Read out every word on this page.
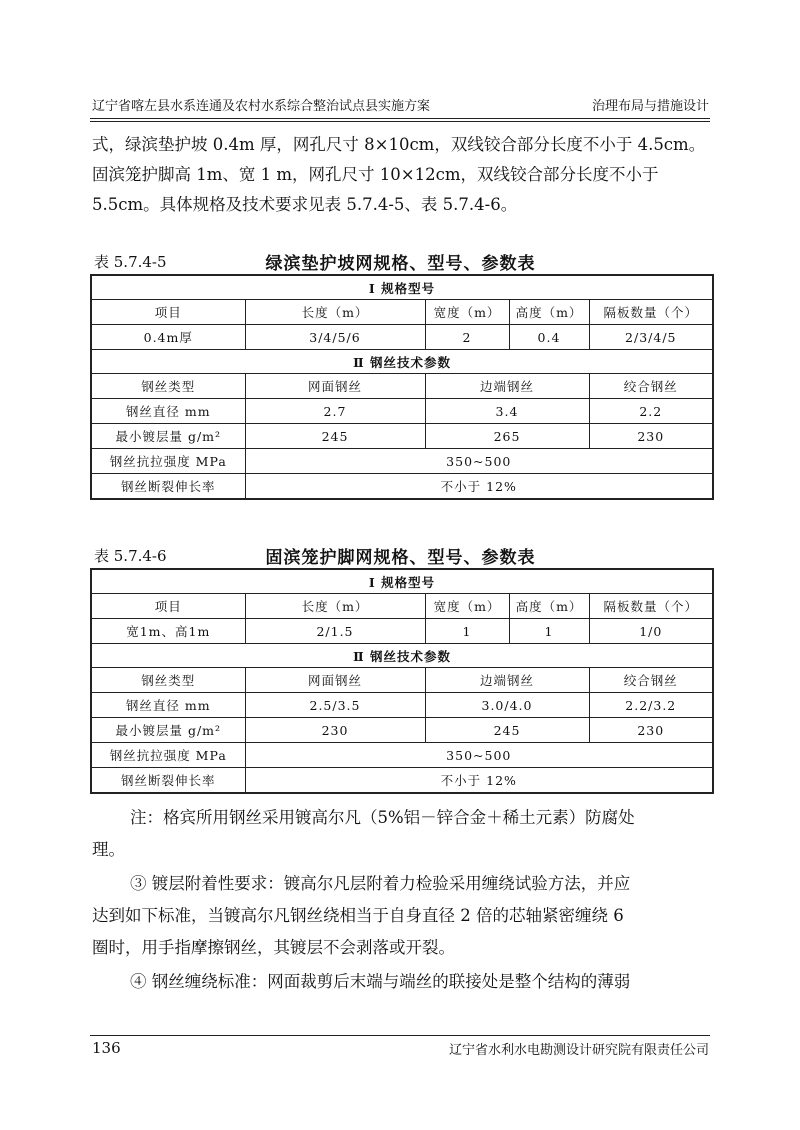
辽宁省喀左县水系连通及农村水系综合整治试点县实施方案	治理布局与措施设计
式，绿滨垫护坡 0.4m 厚，网孔尺寸 8×10cm，双线铰合部分长度不小于 4.5cm。
固滨笼护脚高 1m、宽 1 m，网孔尺寸 10×12cm，双线铰合部分长度不小于
5.5cm。具体规格及技术要求见表 5.7.4-5、表 5.7.4-6。
表 5.7.4-5	绿滨垫护坡网规格、型号、参数表
Ⅰ 规格型号				
项目	长度（m）	宽度（m）	高度（m）	隔板数量（个）
0.4m厚	3/4/5/6	2	0.4	2/3/4/5
Ⅱ 钢丝技术参数				
钢丝类型	网面钢丝	边端钢丝		绞合钢丝
钢丝直径 mm	2.7	3.4		2.2
最小镀层量 g/m²	245	265		230
钢丝抗拉强度 MPa	350~500			
钢丝断裂伸长率	不小于 12%			
表 5.7.4-6	固滨笼护脚网规格、型号、参数表
Ⅰ 规格型号				
项目	长度（m）	宽度（m）	高度（m）	隔板数量（个）
宽1m、高1m	2/1.5	1	1	1/0
Ⅱ 钢丝技术参数				
钢丝类型	网面钢丝	边端钢丝		绞合钢丝
钢丝直径 mm	2.5/3.5	3.0/4.0		2.2/3.2
最小镀层量 g/m²	230	245		230
钢丝抗拉强度 MPa	350~500			
钢丝断裂伸长率	不小于 12%			
注：格宾所用钢丝采用镀高尔凡（5%铝－锌合金＋稀土元素）防腐处
理。
③ 镀层附着性要求：镀高尔凡层附着力检验采用缠绕试验方法，并应
达到如下标准，当镀高尔凡钢丝绕相当于自身直径 2 倍的芯轴紧密缠绕 6
圈时，用手指摩擦钢丝，其镀层不会剥落或开裂。
④ 钢丝缠绕标准：网面裁剪后末端与端丝的联接处是整个结构的薄弱
136	辽宁省水利水电勘测设计研究院有限责任公司
